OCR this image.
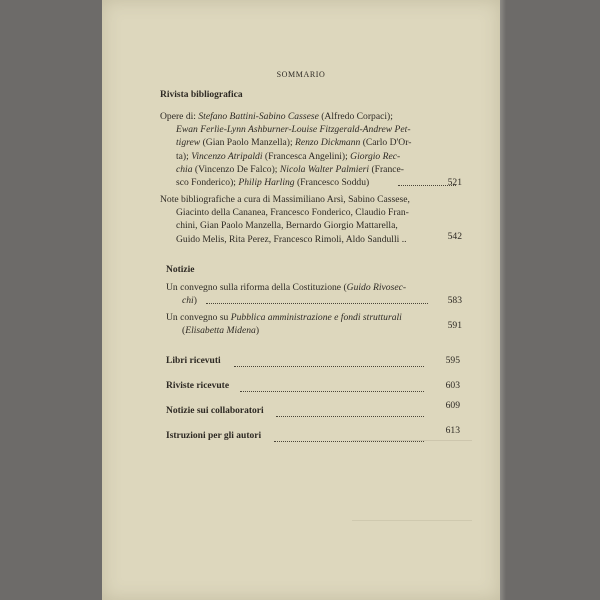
SOMMARIO
Rivista bibliografica
Opere di: Stefano Battini-Sabino Cassese (Alfredo Corpaci);
Ewan Ferlie-Lynn Ashburner-Louise Fitzgerald-Andrew Pet-
tigrew (Gian Paolo Manzella); Renzo Dickmann (Carlo D'Or-
ta); Vincenzo Atripaldi (Francesca Angelini); Giorgio Rec-
chia (Vincenzo De Falco); Nicola Walter Palmieri (France-
sco Fonderico); Philip Harling (Francesco Soddu)	521
Note bibliografiche a cura di Massimiliano Arsì, Sabino Cassese,
Giacinto della Cananea, Francesco Fonderico, Claudio Fran-
chini, Gian Paolo Manzella, Bernardo Giorgio Mattarella,
Guido Melis, Rita Perez, Francesco Rimoli, Aldo Sandulli ..	542
Notizie
Un convegno sulla riforma della Costituzione (Guido Rivosec-
chi)	583
Un convegno su Pubblica amministrazione e fondi strutturali
(Elisabetta Midena)	591
Libri ricevuti	595
Riviste ricevute	603
Notizie sui collaboratori	609
Istruzioni per gli autori	613
